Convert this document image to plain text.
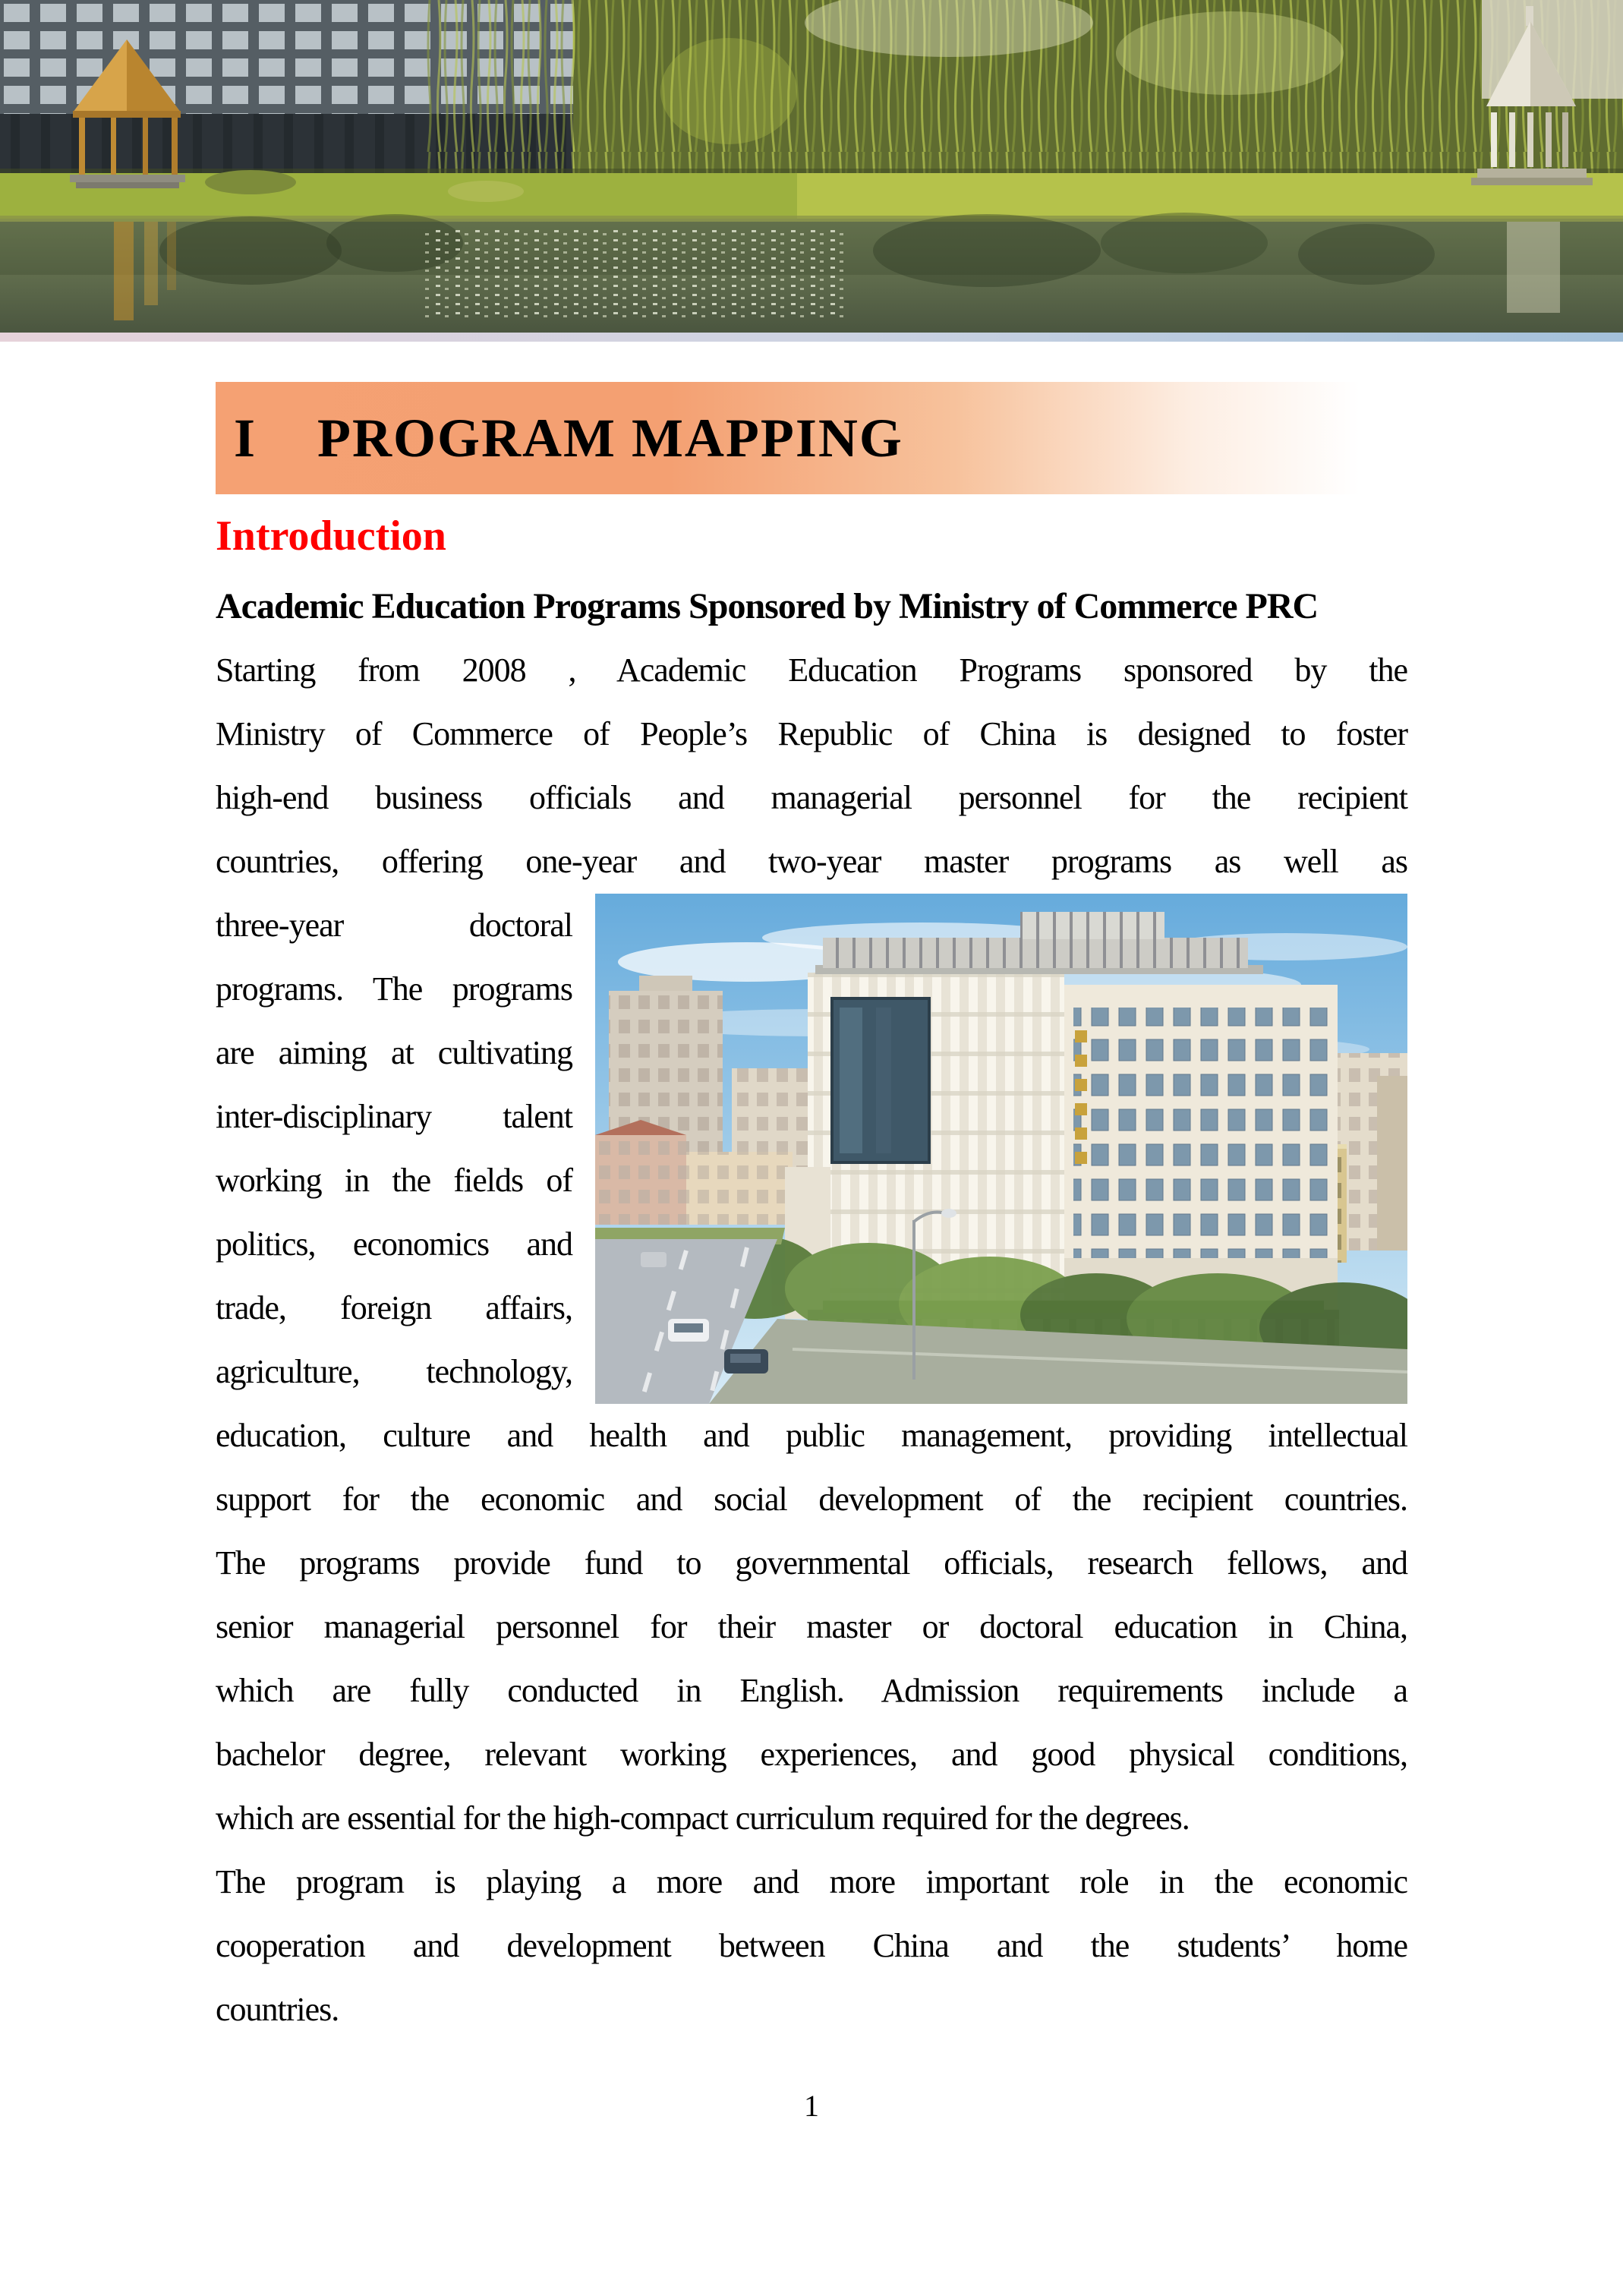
I    PROGRAM MAPPING
Introduction

Academic Education Programs Sponsored by Ministry of Commerce PRC

Starting from 2008 , Academic Education Programs sponsored by the
Ministry of Commerce of People’s Republic of China is designed to foster
high-end business officials and managerial personnel for the recipient
countries, offering one-year and two-year master programs as well as
three-year doctoral
programs. The programs
are aiming at cultivating
inter-disciplinary talent
working in the fields of
politics, economics and
trade, foreign affairs,
agriculture, technology,
education, culture and health and public management, providing intellectual
support for the economic and social development of the recipient countries.
The programs provide fund to governmental officials, research fellows, and
senior managerial personnel for their master or doctoral education in China,
which are fully conducted in English. Admission requirements include a
bachelor degree, relevant working experiences, and good physical conditions,
which are essential for the high-compact curriculum required for the degrees.
The program is playing a more and more important role in the economic
cooperation and development between China and the students’ home
countries.
1
